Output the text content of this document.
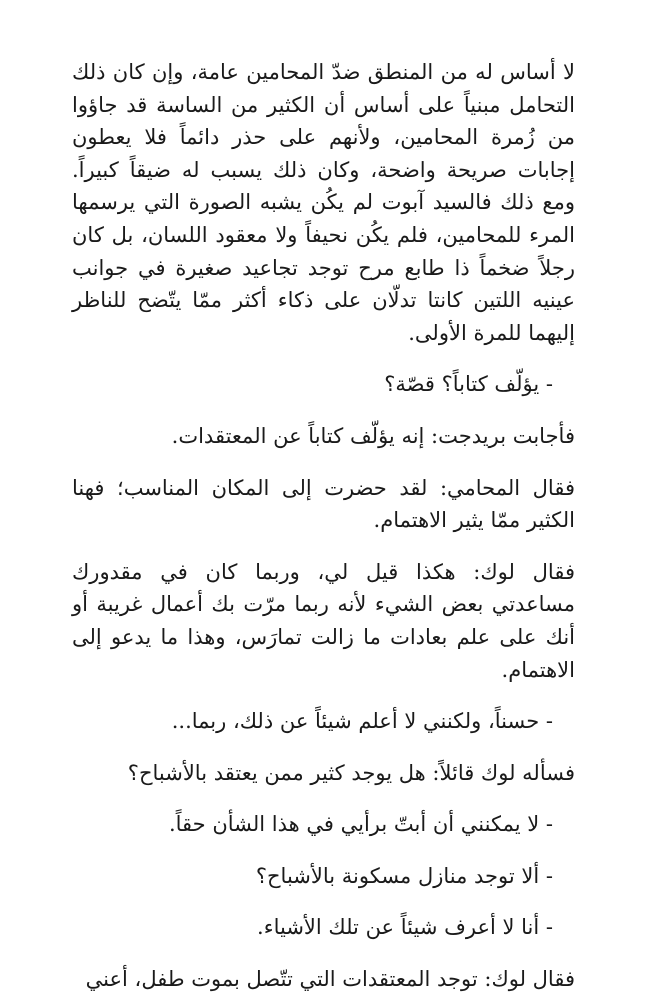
لا أساس له من المنطق ضدّ المحامين عامة، وإن كان ذلك التحامل مبنياً على أساس أن الكثير من الساسة قد جاؤوا من زُمرة المحامين، ولأنهم على حذر دائماً فلا يعطون إجابات صريحة واضحة، وكان ذلك يسبب له ضيقاً كبيراً. ومع ذلك فالسيد آبوت لم يكُن يشبه الصورة التي يرسمها المرء للمحامين، فلم يكُن نحيفاً ولا معقود اللسان، بل كان رجلاً ضخماً ذا طابع مرح توجد تجاعيد صغيرة في جوانب عينيه اللتين كانتا تدلّان على ذكاء أكثر ممّا يتّضح للناظر إليهما للمرة الأولى.

- يؤلّف كتاباً؟ قصّة؟

فأجابت بريدجت: إنه يؤلّف كتاباً عن المعتقدات.

فقال المحامي: لقد حضرت إلى المكان المناسب؛ فهنا الكثير ممّا يثير الاهتمام.

فقال لوك: هكذا قيل لي، وربما كان في مقدورك مساعدتي بعض الشيء لأنه ربما مرّت بك أعمال غريبة أو أنك على علم بعادات ما زالت تمارَس، وهذا ما يدعو إلى الاهتمام.

- حسناً، ولكنني لا أعلم شيئاً عن ذلك، ربما...

فسأله لوك قائلاً: هل يوجد كثير ممن يعتقد بالأشباح؟

- لا يمكنني أن أبتّ برأيي في هذا الشأن حقاً.

- ألا توجد منازل مسكونة بالأشباح؟

- أنا لا أعرف شيئاً عن تلك الأشياء.

فقال لوك: توجد المعتقدات التي تتّصل بموت طفل، أعني
